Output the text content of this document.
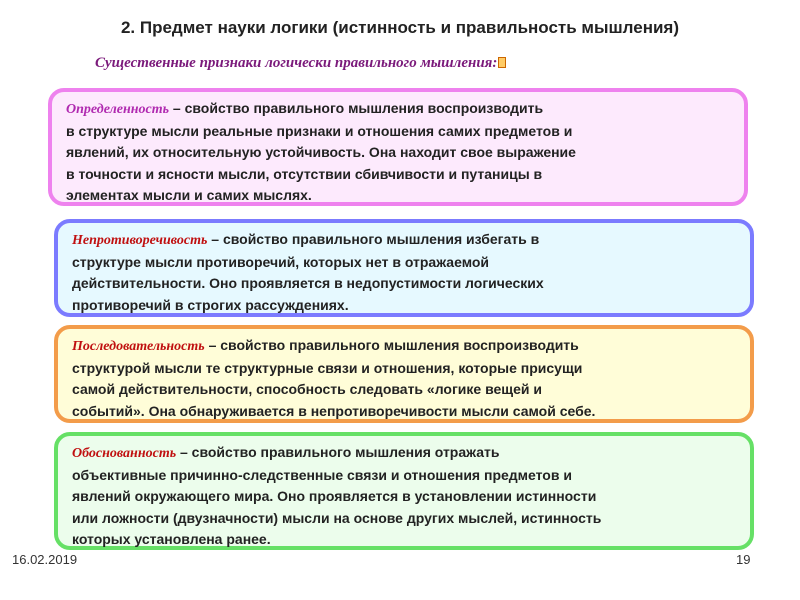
2. Предмет науки логики (истинность и правильность мышления)
Существенные признаки логически правильного мышления:
Определенность – свойство правильного мышления воспроизводить
в структуре мысли реальные признаки и отношения самих предметов и
явлений, их относительную устойчивость. Она находит свое выражение
в точности и ясности мысли, отсутствии сбивчивости и путаницы в
элементах мысли и самих мыслях.
Непротиворечивость – свойство правильного мышления избегать в
структуре мысли противоречий, которых нет в отражаемой
действительности. Оно проявляется в недопустимости логических
противоречий в строгих рассуждениях.
Последовательность – свойство правильного мышления воспроизводить
структурой мысли те структурные связи и отношения, которые присущи
самой действительности, способность следовать «логике вещей и
событий». Она обнаруживается в непротиворечивости мысли самой себе.
Обоснованность – свойство правильного мышления отражать
объективные причинно-следственные связи и отношения предметов и
явлений окружающего мира. Оно проявляется в установлении истинности
или ложности (двузначности) мысли на основе других мыслей, истинность
которых установлена ранее.
16.02.2019	19
